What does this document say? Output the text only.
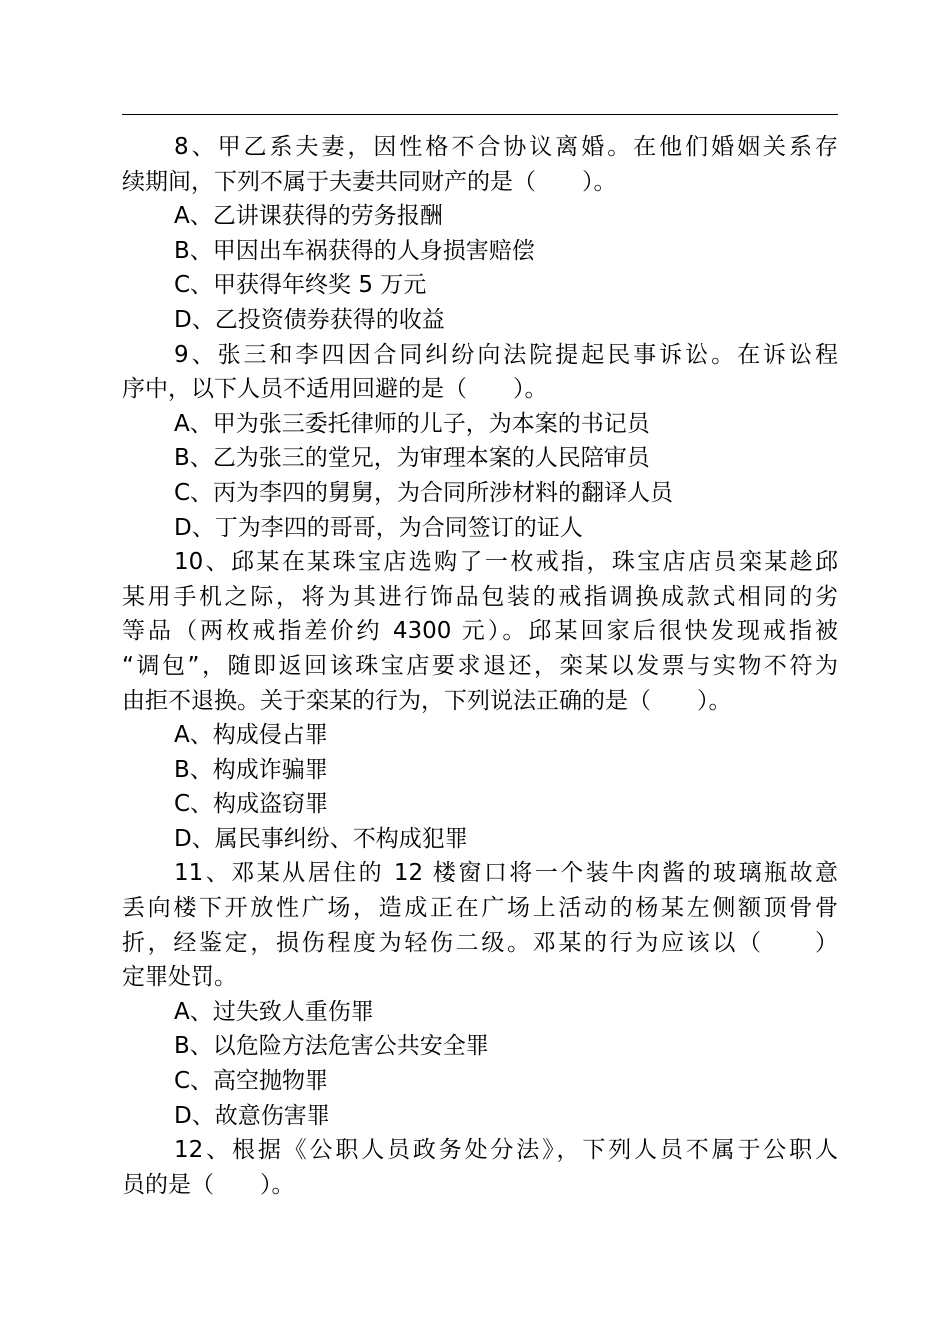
8、甲乙系夫妻，因性格不合协议离婚。在他们婚姻关系存
续期间，下列不属于夫妻共同财产的是（　　）。
A、乙讲课获得的劳务报酬
B、甲因出车祸获得的人身损害赔偿
C、甲获得年终奖 5 万元
D、乙投资债券获得的收益
9、张三和李四因合同纠纷向法院提起民事诉讼。在诉讼程
序中，以下人员不适用回避的是（　　）。
A、甲为张三委托律师的儿子，为本案的书记员
B、乙为张三的堂兄，为审理本案的人民陪审员
C、丙为李四的舅舅，为合同所涉材料的翻译人员
D、丁为李四的哥哥，为合同签订的证人
10、邱某在某珠宝店选购了一枚戒指，珠宝店店员栾某趁邱
某用手机之际，将为其进行饰品包装的戒指调换成款式相同的劣
等品（两枚戒指差价约 4300 元）。邱某回家后很快发现戒指被
“调包”，随即返回该珠宝店要求退还，栾某以发票与实物不符为
由拒不退换。关于栾某的行为，下列说法正确的是（　　）。
A、构成侵占罪
B、构成诈骗罪
C、构成盗窃罪
D、属民事纠纷、不构成犯罪
11、邓某从居住的 12 楼窗口将一个装牛肉酱的玻璃瓶故意
丢向楼下开放性广场，造成正在广场上活动的杨某左侧额顶骨骨
折，经鉴定，损伤程度为轻伤二级。邓某的行为应该以（　　）
定罪处罚。
A、过失致人重伤罪
B、以危险方法危害公共安全罪
C、高空抛物罪
D、故意伤害罪
12、根据《公职人员政务处分法》，下列人员不属于公职人
员的是（　　）。
